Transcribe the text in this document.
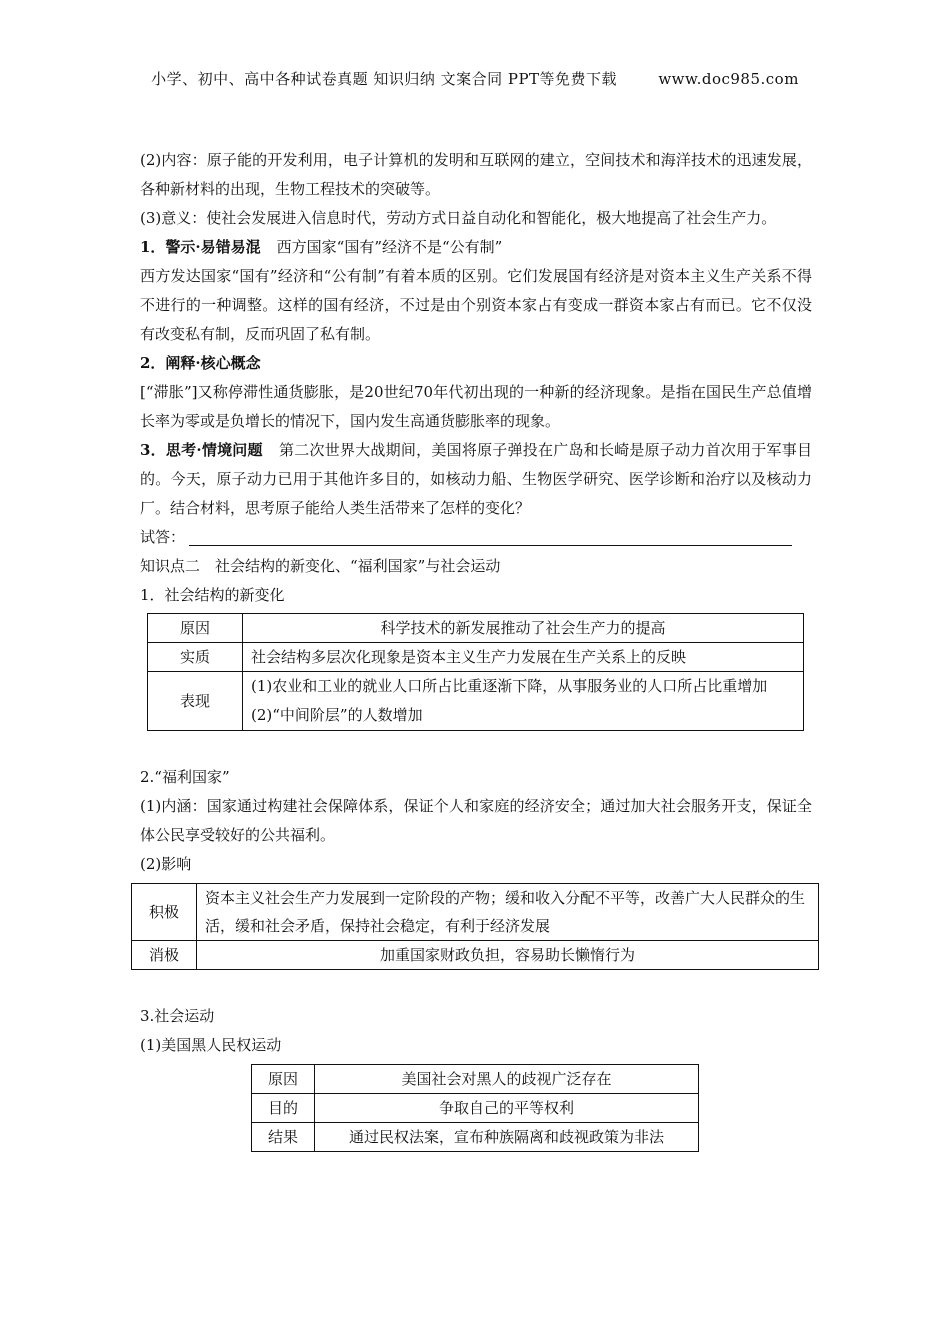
小学、初中、高中各种试卷真题 知识归纳 文案合同 PPT等免费下载	www.doc985.com

(2)内容：原子能的开发利用，电子计算机的发明和互联网的建立，空间技术和海洋技术的迅速发展，各种新材料的出现，生物工程技术的突破等。

(3)意义：使社会发展进入信息时代，劳动方式日益自动化和智能化，极大地提高了社会生产力。

1．警示·易错易混 西方国家“国有”经济不是“公有制”

西方发达国家“国有”经济和“公有制”有着本质的区别。它们发展国有经济是对资本主义生产关系不得不进行的一种调整。这样的国有经济，不过是由个别资本家占有变成一群资本家占有而已。它不仅没有改变私有制，反而巩固了私有制。

2．阐释·核心概念

[“滞胀”]又称停滞性通货膨胀，是20世纪70年代初出现的一种新的经济现象。是指在国民生产总值增长率为零或是负增长的情况下，国内发生高通货膨胀率的现象。

3．思考·情境问题 第二次世界大战期间，美国将原子弹投在广岛和长崎是原子动力首次用于军事目的。今天，原子动力已用于其他许多目的，如核动力船、生物医学研究、医学诊断和治疗以及核动力厂。结合材料，思考原子能给人类生活带来了怎样的变化？

试答：

知识点二　社会结构的新变化、“福利国家”与社会运动

1．社会结构的新变化

原因	科学技术的新发展推动了社会生产力的提高
实质	社会结构多层次化现象是资本主义生产力发展在生产关系上的反映
表现	(1)农业和工业的就业人口所占比重逐渐下降，从事服务业的人口所占比重增加
(2)“中间阶层”的人数增加

2.“福利国家”

(1)内涵：国家通过构建社会保障体系，保证个人和家庭的经济安全；通过加大社会服务开支，保证全体公民享受较好的公共福利。

(2)影响

积极	资本主义社会生产力发展到一定阶段的产物；缓和收入分配不平等，改善广大人民群众的生活，缓和社会矛盾，保持社会稳定，有利于经济发展
消极	加重国家财政负担，容易助长懒惰行为

3.社会运动

(1)美国黑人民权运动

原因	美国社会对黑人的歧视广泛存在
目的	争取自己的平等权利
结果	通过民权法案，宣布种族隔离和歧视政策为非法
